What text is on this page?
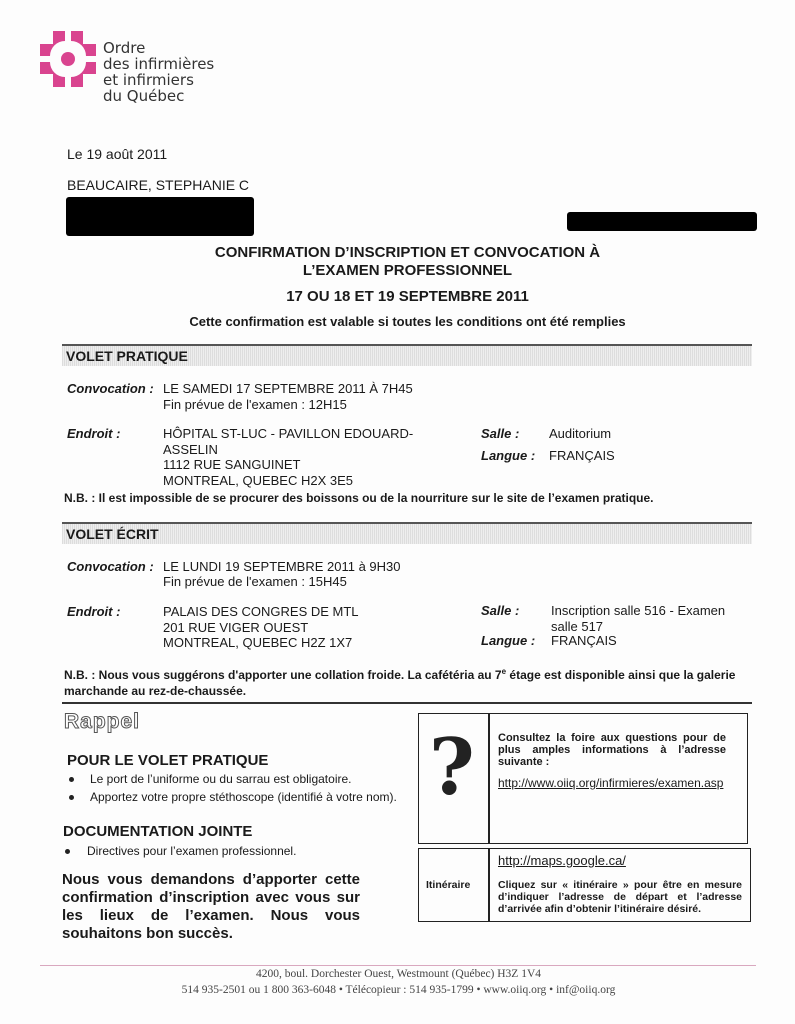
Ordre
des infirmières
et infirmiers
du Québec
Le 19 août 2011
BEAUCAIRE, STEPHANIE C
CONFIRMATION D’INSCRIPTION ET CONVOCATION À
L’EXAMEN PROFESSIONNEL
17 OU 18 ET 19 SEPTEMBRE 2011
Cette confirmation est valable si toutes les conditions ont été remplies
VOLET PRATIQUE
Convocation : LE SAMEDI 17 SEPTEMBRE 2011 À 7H45
Fin prévue de l'examen : 12H15
Endroit :	HÔPITAL ST-LUC - PAVILLON EDOUARD-
ASSELIN
1112 RUE SANGUINET
MONTREAL, QUEBEC H2X 3E5
Salle : Auditorium
Langue : FRANÇAIS
N.B. : Il est impossible de se procurer des boissons ou de la nourriture sur le site de l’examen pratique.
VOLET ÉCRIT
Convocation : LE LUNDI 19 SEPTEMBRE 2011 à 9H30
Fin prévue de l'examen : 15H45
Endroit :	PALAIS DES CONGRES DE MTL
201 RUE VIGER OUEST
MONTREAL, QUEBEC H2Z 1X7
Salle : Inscription salle 516 - Examen
salle 517
Langue : FRANÇAIS
N.B. : Nous vous suggérons d'apporter une collation froide. La cafétéria au 7e étage est disponible ainsi que la galerie
marchande au rez-de-chaussée.
Rappel
POUR LE VOLET PRATIQUE
Le port de l’uniforme ou du sarrau est obligatoire.
Apportez votre propre stéthoscope (identifié à votre nom).
DOCUMENTATION JOINTE
Directives pour l’examen professionnel.
Nous vous demandons d’apporter cette confirmation d’inscription avec vous sur les lieux de l’examen. Nous vous souhaitons bon succès.
? Consultez la foire aux questions pour de plus amples informations à l’adresse suivante :
http://www.oiiq.org/infirmieres/examen.asp
Itinéraire
http://maps.google.ca/
Cliquez sur « itinéraire » pour être en mesure d’indiquer l’adresse de départ et l’adresse d’arrivée afin d’obtenir l’itinéraire désiré.
4200, boul. Dorchester Ouest, Westmount (Québec) H3Z 1V4
514 935-2501 ou 1 800 363-6048 • Télécopieur : 514 935-1799 • www.oiiq.org • inf@oiiq.org
